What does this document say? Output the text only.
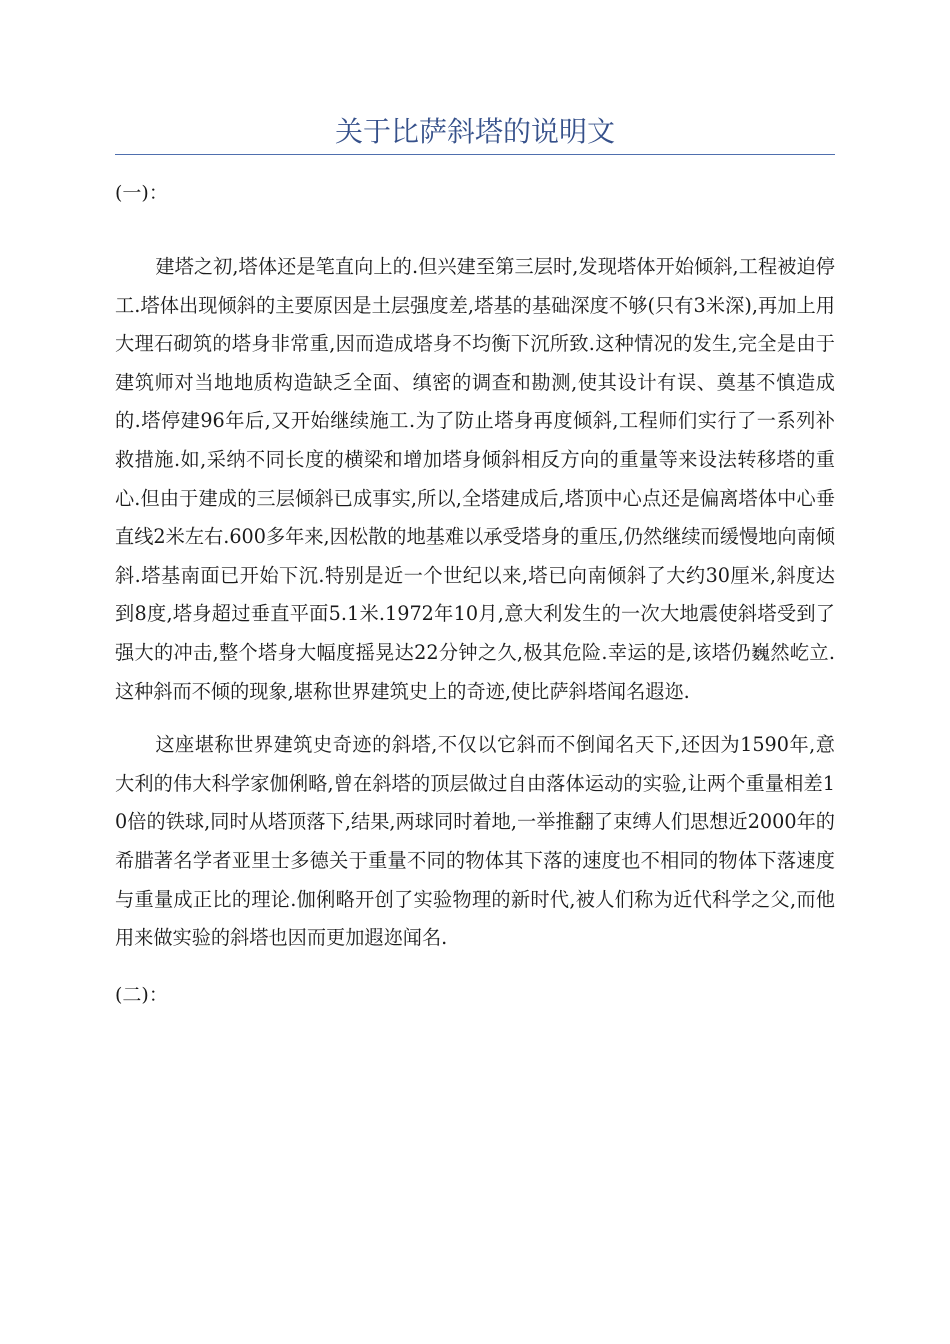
关于比萨斜塔的说明文

(一)：

建塔之初,塔体还是笔直向上的.但兴建至第三层时,发现塔体开始倾斜,工程被迫停工.塔体出现倾斜的主要原因是土层强度差,塔基的基础深度不够(只有3米深),再加上用大理石砌筑的塔身非常重,因而造成塔身不均衡下沉所致.这种情况的发生,完全是由于建筑师对当地地质构造缺乏全面、缜密的调查和勘测,使其设计有误、奠基不慎造成的.塔停建96年后,又开始继续施工.为了防止塔身再度倾斜,工程师们实行了一系列补救措施.如,采纳不同长度的横梁和增加塔身倾斜相反方向的重量等来设法转移塔的重心.但由于建成的三层倾斜已成事实,所以,全塔建成后,塔顶中心点还是偏离塔体中心垂直线2米左右.600多年来,因松散的地基难以承受塔身的重压,仍然继续而缓慢地向南倾斜.塔基南面已开始下沉.特别是近一个世纪以来,塔已向南倾斜了大约30厘米,斜度达到8度,塔身超过垂直平面5.1米.1972年10月,意大利发生的一次大地震使斜塔受到了强大的冲击,整个塔身大幅度摇晃达22分钟之久,极其危险.幸运的是,该塔仍巍然屹立.这种斜而不倾的现象,堪称世界建筑史上的奇迹,使比萨斜塔闻名遐迩.

这座堪称世界建筑史奇迹的斜塔,不仅以它斜而不倒闻名天下,还因为1590年,意大利的伟大科学家伽俐略,曾在斜塔的顶层做过自由落体运动的实验,让两个重量相差10倍的铁球,同时从塔顶落下,结果,两球同时着地,一举推翻了束缚人们思想近2000年的希腊著名学者亚里士多德关于重量不同的物体其下落的速度也不相同的物体下落速度与重量成正比的理论.伽俐略开创了实验物理的新时代,被人们称为近代科学之父,而他用来做实验的斜塔也因而更加遐迩闻名.

(二)：
